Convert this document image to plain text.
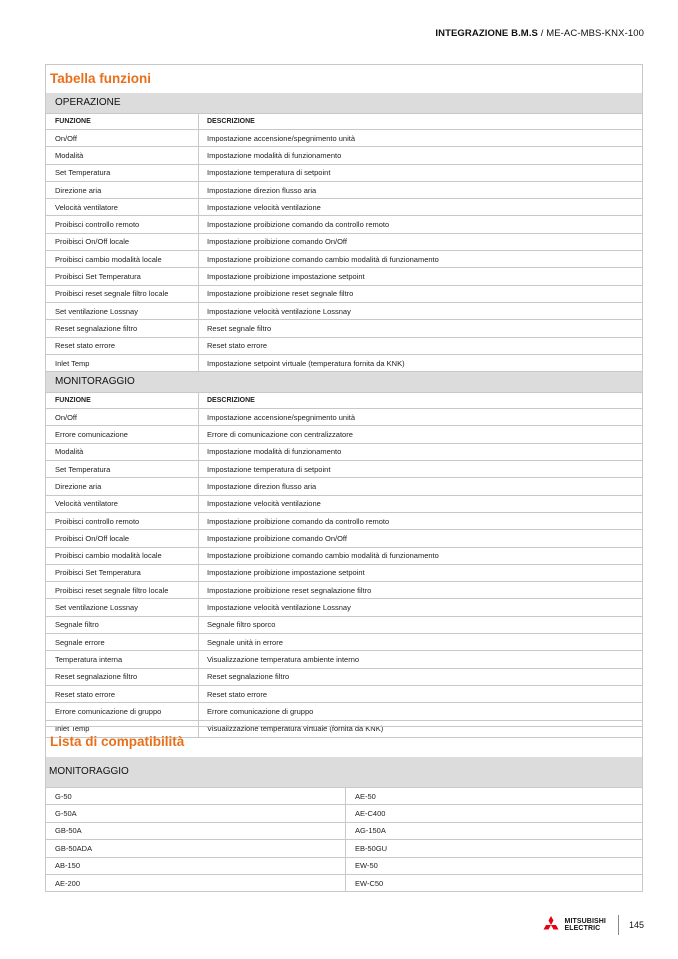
INTEGRAZIONE B.M.S / ME-AC-MBS-KNX-100
Tabella funzioni
OPERAZIONE
FUNZIONE	DESCRIZIONE
On/Off	Impostazione accensione/spegnimento unità
Modalità	Impostazione modalità di funzionamento
Set Temperatura	Impostazione temperatura di setpoint
Direzione aria	Impostazione direzion flusso aria
Velocità ventilatore	Impostazione velocità ventilazione
Proibisci controllo remoto	Impostazione proibizione comando da controllo remoto
Proibisci On/Off locale	Impostazione proibizione comando On/Off
Proibisci cambio modalità locale	Impostazione proibizione comando cambio modalità di funzionamento
Proibisci Set Temperatura	Impostazione proibizione impostazione setpoint
Proibisci reset segnale filtro locale	Impostazione proibizione reset segnale filtro
Set ventilazione Lossnay	Impostazione velocità ventilazione Lossnay
Reset segnalazione filtro	Reset segnale filtro
Reset stato errore	Reset stato errore
Inlet Temp	Impostazione setpoint virtuale (temperatura fornita da KNK)
MONITORAGGIO
FUNZIONE	DESCRIZIONE
On/Off	Impostazione accensione/spegnimento unità
Errore comunicazione	Errore di comunicazione con centralizzatore
Modalità	Impostazione modalità di funzionamento
Set Temperatura	Impostazione temperatura di setpoint
Direzione aria	Impostazione direzion flusso aria
Velocità ventilatore	Impostazione velocità ventilazione
Proibisci controllo remoto	Impostazione proibizione comando da controllo remoto
Proibisci On/Off locale	Impostazione proibizione comando On/Off
Proibisci cambio modalità locale	Impostazione proibizione comando cambio modalità di funzionamento
Proibisci Set Temperatura	Impostazione proibizione impostazione setpoint
Proibisci reset segnale filtro locale	Impostazione proibizione reset segnalazione filtro
Set ventilazione Lossnay	Impostazione velocità ventilazione Lossnay
Segnale filtro	Segnale filtro sporco
Segnale errore	Segnale unità in errore
Temperatura interna	Visualizzazione temperatura ambiente interno
Reset segnalazione filtro	Reset segnalazione filtro
Reset stato errore	Reset stato errore
Errore comunicazione di gruppo	Errore comunicazione di gruppo
Inlet Temp	Visualizzazione temperatura virtuale (fornita da KNK)
Lista di compatibilità
MONITORAGGIO
G-50	AE-50
G-50A	AE-C400
GB-50A	AG-150A
GB-50ADA	EB-50GU
AB-150	EW-50
AE-200	EW-C50
MITSUBISHI
ELECTRIC	145
